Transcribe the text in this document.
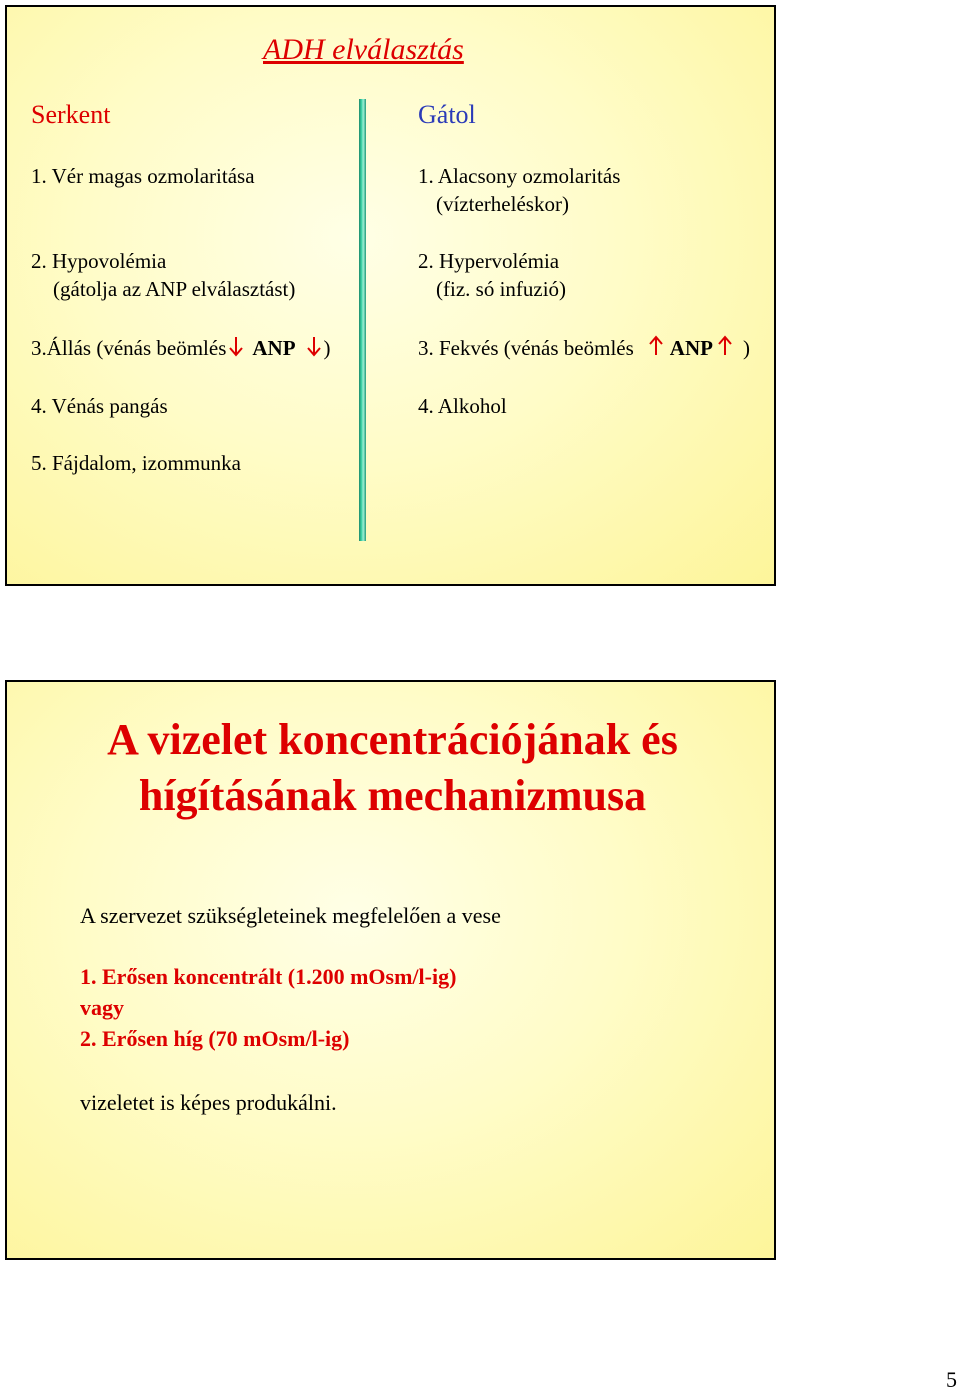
ADH elválasztás
Serkent	Gátol
1. Vér magas ozmolaritása
2. Hypovolémia
(gátolja az ANP elválasztást)
3.Állás (vénás beömlés ANP )
4. Vénás pangás
5. Fájdalom, izommunka
1. Alacsony ozmolaritás
(vízterheléskor)
2. Hypervolémia
(fiz. só infuzió)
3. Fekvés (vénás beömlés ANP )
4. Alkohol
A vizelet koncentrációjának és
hígításának mechanizmusa
A szervezet szükségleteinek megfelelően a vese
1. Erősen koncentrált (1.200 mOsm/l-ig)
vagy
2. Erősen híg (70 mOsm/l-ig)
vizeletet is képes produkálni.
5
